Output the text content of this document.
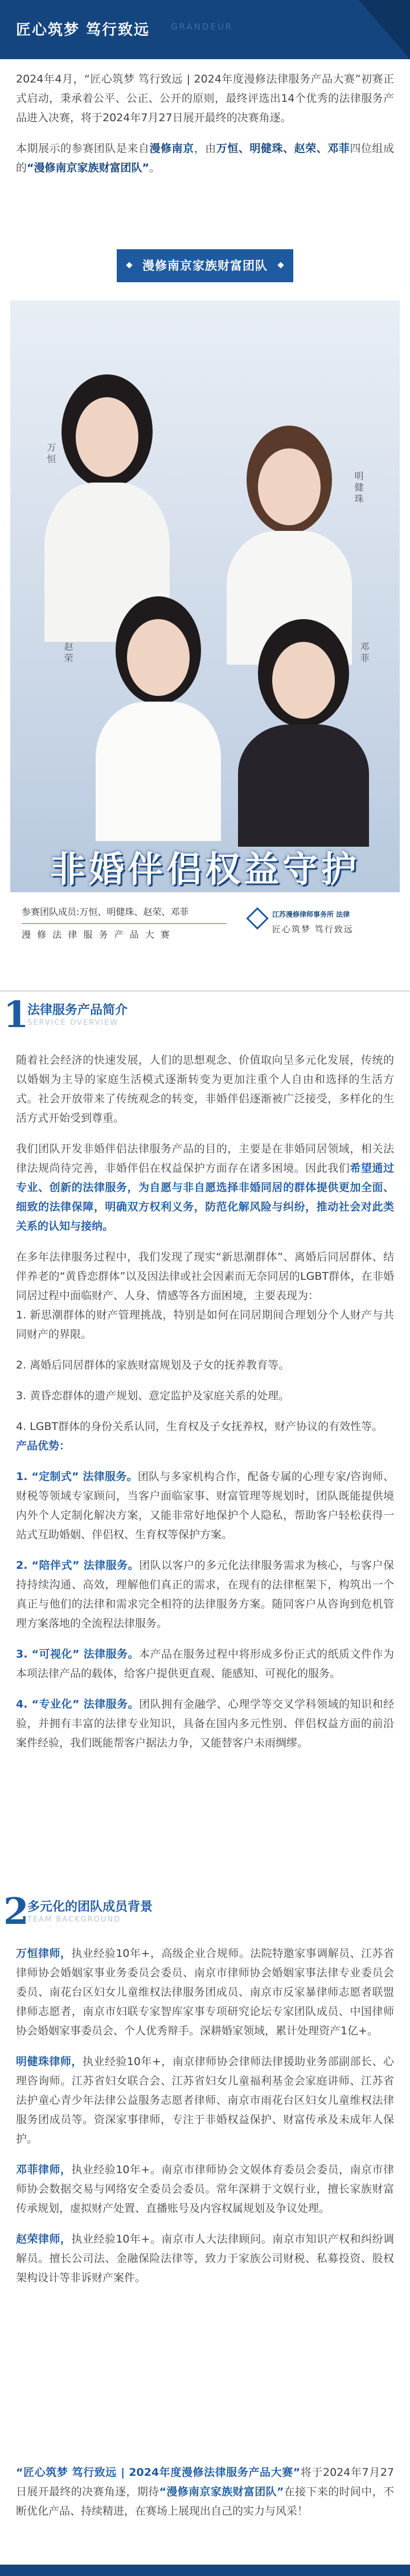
匠心筑梦 笃行致远 GRANDEUR

2024年4月，“匠心筑梦 笃行致远 | 2024年度漫修法律服务产品大赛”初赛正式启动，秉承着公平、公正、公开的原则，最终评选出14个优秀的法律服务产品进入决赛，将于2024年7月27日展开最终的决赛角逐。

本期展示的参赛团队是来自漫修南京，由万恒、明健珠、赵荣、邓菲四位组成的“漫修南京家族财富团队”。

漫修南京家族财富团队
万恒
明健珠
赵荣	邓菲
非婚伴侣权益守护
参赛团队成员:万恒、明健珠、赵荣、邓菲
漫 修 法 律 服 务 产 品 大 赛
江苏漫修律师事务所 法律
匠心筑梦 笃行致远
1
法律服务产品简介
SERVICE OVERVIEW

随着社会经济的快速发展，人们的思想观念、价值取向呈多元化发展，传统的以婚姻为主导的家庭生活模式逐渐转变为更加注重个人自由和选择的生活方式。社会开放带来了传统观念的转变，非婚伴侣逐渐被广泛接受，多样化的生活方式开始受到尊重。

我们团队开发非婚伴侣法律服务产品的目的，主要是在非婚同居领域，相关法律法规尚待完善，非婚伴侣在权益保护方面存在诸多困境。因此我们希望通过专业、创新的法律服务，为自愿与非自愿选择非婚同居的群体提供更加全面、细致的法律保障，明确双方权利义务，防范化解风险与纠纷，推动社会对此类关系的认知与接纳。

在多年法律服务过程中，我们发现了现实“新思潮群体”、离婚后同居群体、结伴养老的“黄昏恋群体”以及因法律或社会因素而无奈同居的LGBT群体，在非婚同居过程中面临财产、人身、情感等各方面困境，主要表现为：

1. 新思潮群体的财产管理挑战，特别是如何在同居期间合理划分个人财产与共同财产的界限。

2. 离婚后同居群体的家族财富规划及子女的抚养教育等。

3. 黄昏恋群体的遗产规划、意定监护及家庭关系的处理。

4. LGBT群体的身份关系认同，生育权及子女抚养权，财产协议的有效性等。

产品优势：

1. “定制式” 法律服务。团队与多家机构合作，配备专属的心理专家/咨询师、财税等领域专家顾问，当客户面临家事、财富管理等规划时，团队既能提供境内外个人定制化解决方案，又能非常好地保护个人隐私，帮助客户轻松获得一站式互助婚姻、伴侣权、生育权等保护方案。

2. “陪伴式” 法律服务。团队以客户的多元化法律服务需求为核心，与客户保持持续沟通、高效，理解他们真正的需求，在现有的法律框架下，构筑出一个真正与他们的法律和需求完全相符的法律服务方案。随同客户从咨询到危机管理方案落地的全流程法律服务。

3. “可视化” 法律服务。本产品在服务过程中将形成多份正式的纸质文件作为本项法律产品的载体，给客户提供更直观、能感知、可视化的服务。

4. “专业化” 法律服务。团队拥有金融学、心理学等交叉学科领域的知识和经验，并拥有丰富的法律专业知识，具备在国内多元性别、伴侣权益方面的前沿案件经验，我们既能帮客户据法力争，又能替客户未雨绸缪。

2
多元化的团队成员背景
TEAM BACKGROUND

万恒律师，执业经验10年+，高级企业合规师。法院特邀家事调解员、江苏省律师协会婚姻家事业务委员会委员、南京市律师协会婚姻家事法律专业委员会委员、南花台区妇女儿童维权法律服务团成员、南京市反家暴律师志愿者联盟律师志愿者，南京市妇联专家智库家事专项研究论坛专家团队成员、中国律师协会婚姻家事委员会、个人优秀辩手。深耕婚家领域，累计处理资产1亿+。

明健珠律师，执业经验10年+，南京律师协会律师法律援助业务部副部长、心理咨询师。江苏省妇女联合会、江苏省妇女儿童福利基金会家庭讲师、江苏省法护童心青少年法律公益服务志愿者律师、南京市雨花台区妇女儿童维权法律服务团成员等。资深家事律师，专注于非婚权益保护、财富传承及未成年人保护。

邓菲律师，执业经验10年+。南京市律师协会文娱体育委员会委员，南京市律师协会数据交易与网络安全委员会委员。常年深耕于文娱行业，擅长家族财富传承规划，虚拟财产处置、直播账号及内容权属规划及争议处理。

赵荣律师，执业经验10年+。南京市人大法律顾问。南京市知识产权和纠纷调解员。擅长公司法、金融保险法律等，致力于家族公司财税、私募投资、股权架构设计等非诉财产案件。

“匠心筑梦 笃行致远 | 2024年度漫修法律服务产品大赛”将于2024年7月27日展开最终的决赛角逐，期待“漫修南京家族财富团队”在接下来的时间中，不断优化产品、持续精进，在赛场上展现出自己的实力与风采！
